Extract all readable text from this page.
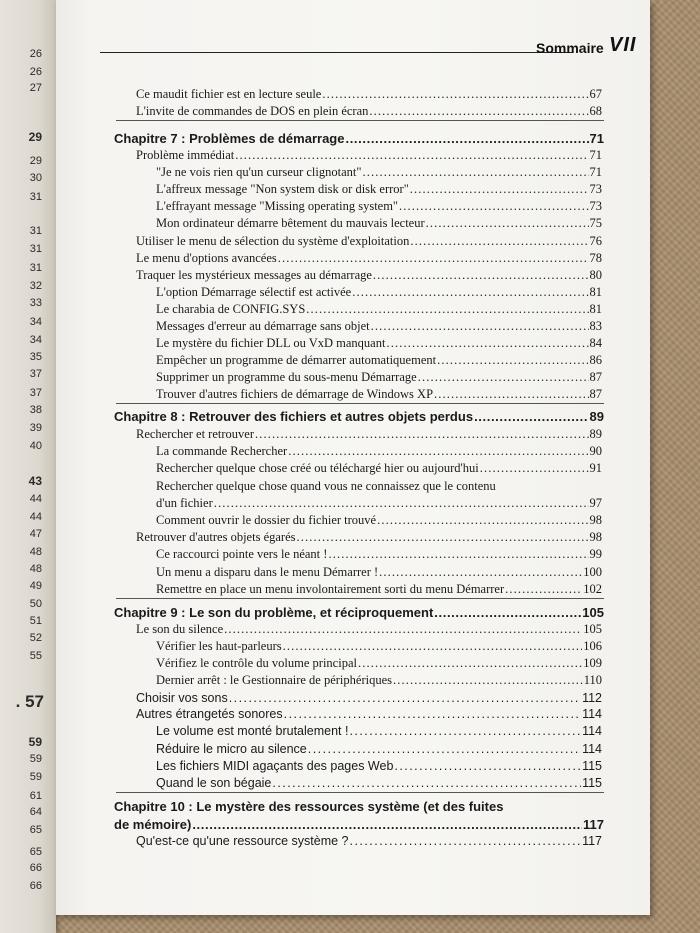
26
26
27
29
29
30
31
31
31
31
32
33
34
34
35
37
37
38
39
40
43
44
44
47
48
48
49
50
51
52
55
. 57
59
59
59
61
64
65
65
66
66
Sommaire VII
Ce maudit fichier est en lecture seule . . .	67
L'invite de commandes de DOS en plein écran . . .	68
Chapitre 7 : Problèmes de démarrage . . .	71
Problème immédiat . . .	71
"Je ne vois rien qu'un curseur clignotant" . . .	71
L'affreux message "Non system disk or disk error" . . .	73
L'effrayant message "Missing operating system" . . .	73
Mon ordinateur démarre bêtement du mauvais lecteur . . .	75
Utiliser le menu de sélection du système d'exploitation . . .	76
Le menu d'options avancées . . .	78
Traquer les mystérieux messages au démarrage . . .	80
L'option Démarrage sélectif est activée . . .	81
Le charabia de CONFIG.SYS . . .	81
Messages d'erreur au démarrage sans objet . . .	83
Le mystère du fichier DLL ou VxD manquant . . .	84
Empêcher un programme de démarrer automatiquement . . .	86
Supprimer un programme du sous-menu Démarrage . . .	87
Trouver d'autres fichiers de démarrage de Windows XP . . .	87
Chapitre 8 : Retrouver des fichiers et autres objets perdus . . .	89
Rechercher et retrouver . . .	89
La commande Rechercher . . .	90
Rechercher quelque chose créé ou téléchargé hier ou aujourd'hui . . .	91
Rechercher quelque chose quand vous ne connaissez que le contenu
d'un fichier . . .	97
Comment ouvrir le dossier du fichier trouvé . . .	98
Retrouver d'autres objets égarés . . .	98
Ce raccourci pointe vers le néant ! . . .	99
Un menu a disparu dans le menu Démarrer ! . . .	100
Remettre en place un menu involontairement sorti du menu Démarrer . . .	102
Chapitre 9 : Le son du problème, et réciproquement . . .	105
Le son du silence . . .	105
Vérifier les haut-parleurs . . .	106
Vérifiez le contrôle du volume principal . . .	109
Dernier arrêt : le Gestionnaire de périphériques . . .	110
Choisir vos sons . . .	112
Autres étrangetés sonores . . .	114
Le volume est monté brutalement ! . . .	114
Réduire le micro au silence . . .	114
Les fichiers MIDI agaçants des pages Web . . .	115
Quand le son bégaie . . .	115
Chapitre 10 : Le mystère des ressources système (et des fuites
de mémoire) . . .	117
Qu'est-ce qu'une ressource système ? . . .	117
